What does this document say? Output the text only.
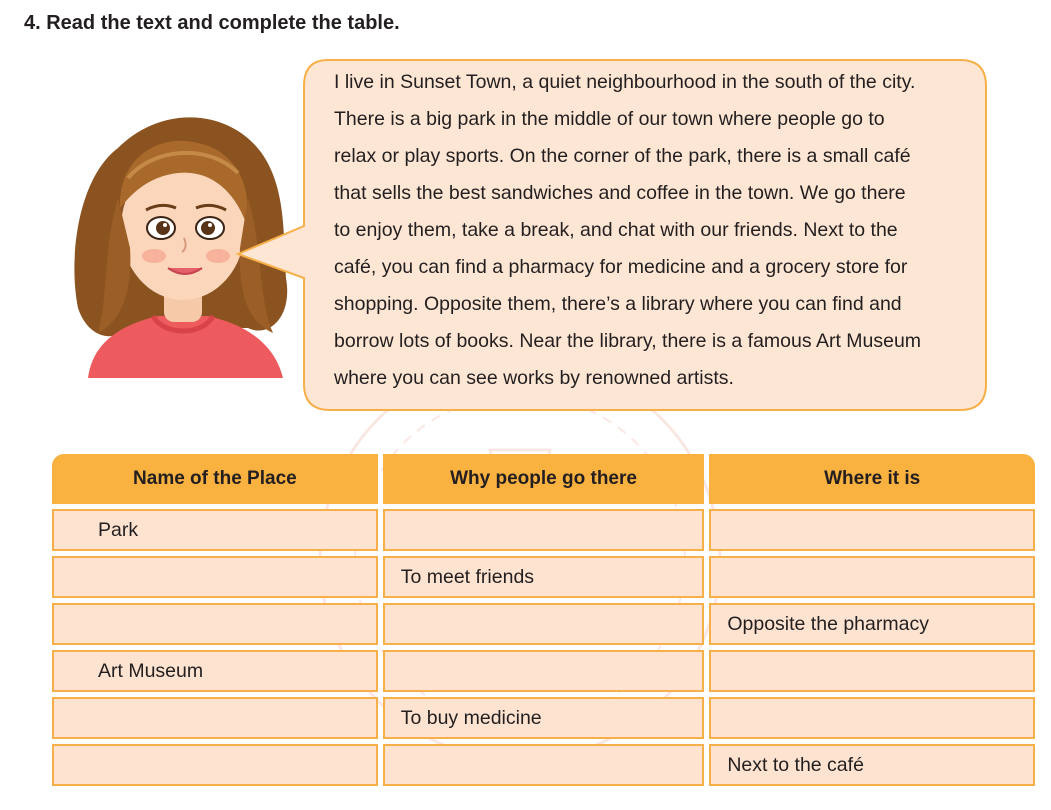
4. Read the text and complete the table.

I live in Sunset Town, a quiet neighbourhood in the south of the city.

There is a big park in the middle of our town where people go to

relax or play sports. On the corner of the park, there is a small café

that sells the best sandwiches and coffee in the town. We go there

to enjoy them, take a break, and chat with our friends. Next to the

café, you can find a pharmacy for medicine and a grocery store for

shopping. Opposite them, there’s a library where you can find and

borrow lots of books. Near the library, there is a famous Art Museum

where you can see works by renowned artists.

Name of the Place	Why people go there	Where it is
Park		
	To meet friends	
		Opposite the pharmacy
Art Museum		
	To buy medicine	
		Next to the café
